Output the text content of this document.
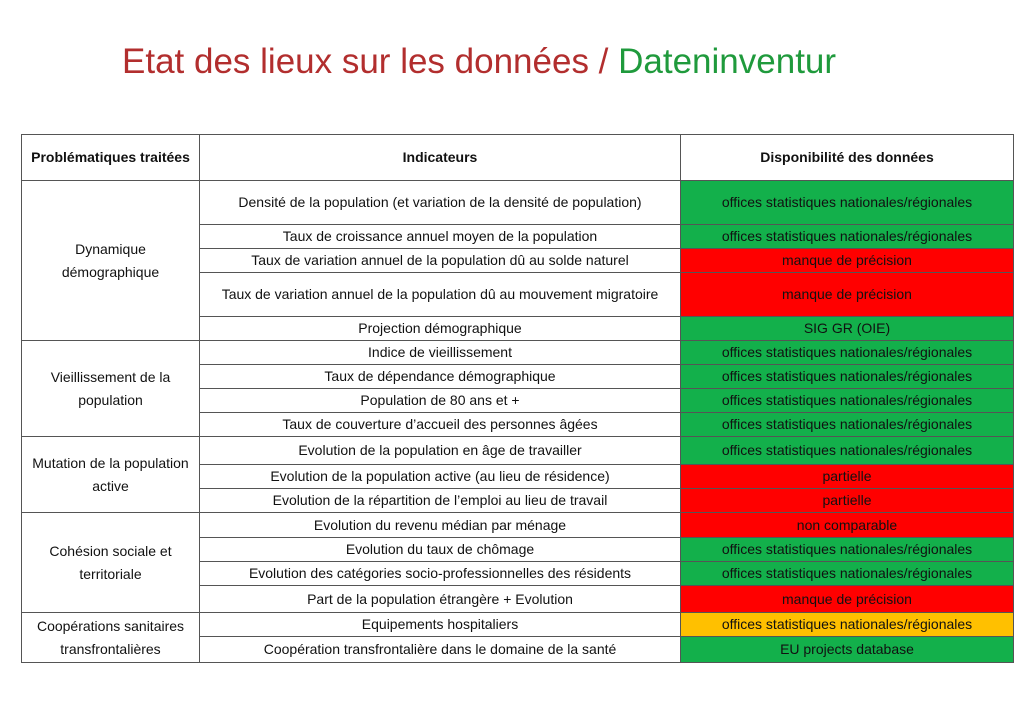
Etat des lieux sur les données / Dateninventur
Problématiques traitées	Indicateurs	Disponibilité des données
Dynamique démographique	Densité de la population (et variation de la densité de population)	offices statistiques nationales/régionales
	Taux de croissance annuel moyen de la population	offices statistiques nationales/régionales
	Taux de variation annuel de la population dû au solde naturel	manque de précision
	Taux de variation annuel de la population dû au mouvement migratoire	manque de précision
	Projection démographique	SIG GR (OIE)
Vieillissement de la population	Indice de vieillissement	offices statistiques nationales/régionales
	Taux de dépendance démographique	offices statistiques nationales/régionales
	Population de 80 ans et +	offices statistiques nationales/régionales
	Taux de couverture d’accueil des personnes âgées	offices statistiques nationales/régionales
Mutation de la population active	Evolution de la population en âge de travailler	offices statistiques nationales/régionales
	Evolution de la population active (au lieu de résidence)	partielle
	Evolution de la répartition de l’emploi au lieu de travail	partielle
Cohésion sociale et territoriale	Evolution du revenu médian par ménage	non comparable
	Evolution du taux de chômage	offices statistiques nationales/régionales
	Evolution des catégories socio-professionnelles des résidents	offices statistiques nationales/régionales
	Part de la population étrangère + Evolution	manque de précision
Coopérations sanitaires transfrontalières	Equipements hospitaliers	offices statistiques nationales/régionales
	Coopération transfrontalière dans le domaine de la santé	EU projects database
